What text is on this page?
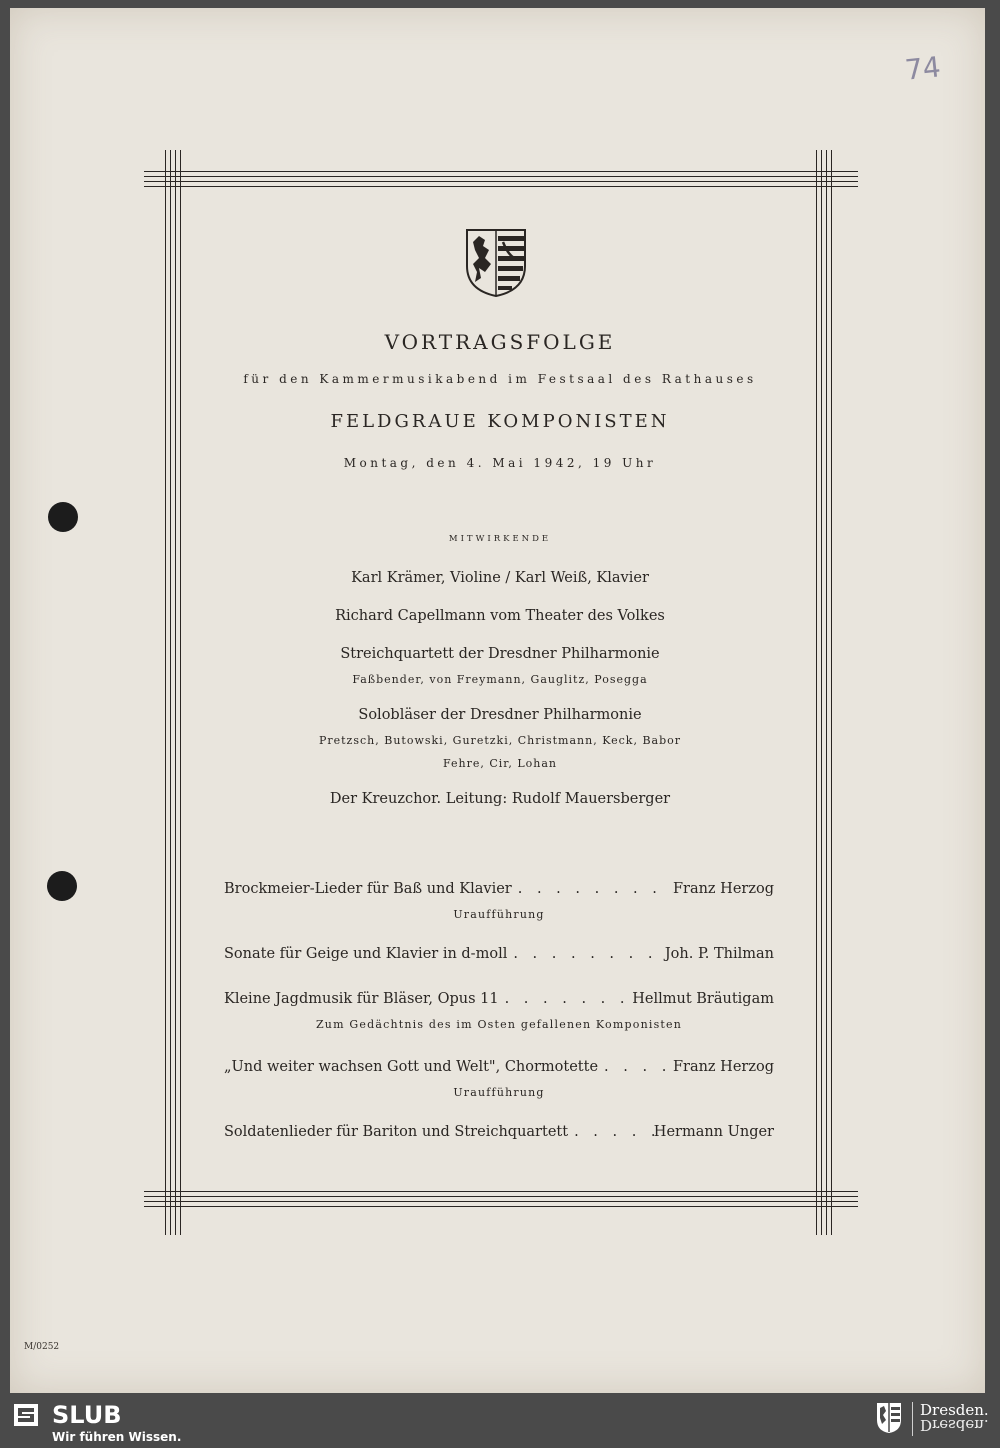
74
VORTRAGSFOLGE
für den Kammermusikabend im Festsaal des Rathauses
FELDGRAUE KOMPONISTEN
Montag, den 4. Mai 1942, 19 Uhr
MITWIRKENDE
Karl Krämer, Violine / Karl Weiß, Klavier
Richard Capellmann vom Theater des Volkes
Streichquartett der Dresdner Philharmonie
Faßbender, von Freymann, Gauglitz, Posegga
Solobläser der Dresdner Philharmonie
Pretzsch, Butowski, Guretzki, Christmann, Keck, Babor
Fehre, Cir, Lohan
Der Kreuzchor. Leitung: Rudolf Mauersberger
Brockmeier-Lieder für Baß und Klavier . . .	Franz Herzog
Uraufführung
Sonate für Geige und Klavier in d-moll . . .	Joh. P. Thilman
Kleine Jagdmusik für Bläser, Opus 11 . . .	Hellmut Bräutigam
Zum Gedächtnis des im Osten gefallenen Komponisten
„Und weiter wachsen Gott und Welt", Chormotette . . .	Franz Herzog
Uraufführung
Soldatenlieder für Bariton und Streichquartett . . .	Hermann Unger
M/0252
SLUB
Wir führen Wissen.
Dresden.
Dresden.
